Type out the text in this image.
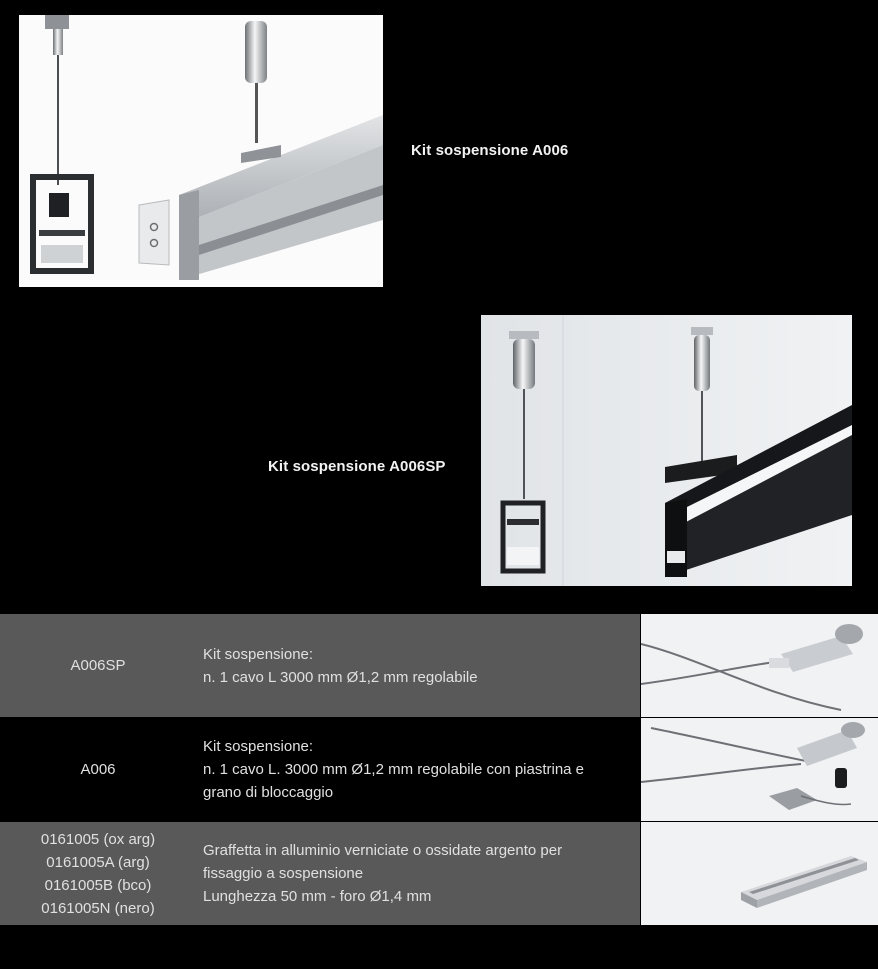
Kit sospensione A006
Kit sospensione A006SP
A006SP
Kit sospensione:
n. 1 cavo L 3000 mm Ø1,2 mm regolabile
A006
Kit sospensione:
n. 1 cavo L. 3000 mm Ø1,2 mm regolabile con piastrina e
grano di bloccaggio
0161005 (ox arg)
0161005A (arg)
0161005B (bco)
0161005N (nero)
Graffetta in alluminio verniciate o ossidate argento per
fissaggio a sospensione
Lunghezza 50 mm - foro Ø1,4 mm
